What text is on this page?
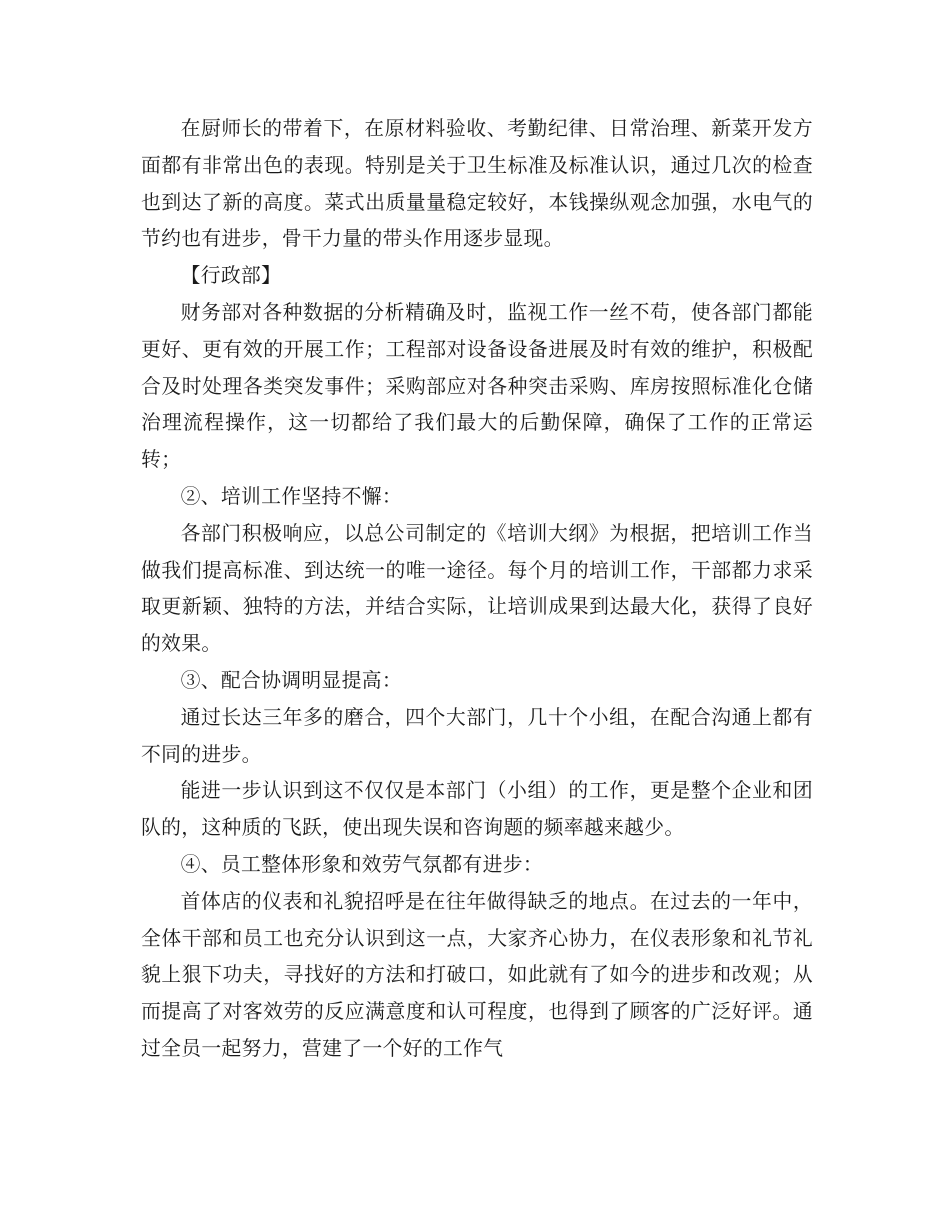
在厨师长的带着下，在原材料验收、考勤纪律、日常治理、新菜开发方面都有非常出色的表现。特别是关于卫生标准及标准认识，通过几次的检查也到达了新的高度。菜式出质量量稳定较好，本钱操纵观念加强，水电气的节约也有进步，骨干力量的带头作用逐步显现。

【行政部】

财务部对各种数据的分析精确及时，监视工作一丝不苟，使各部门都能更好、更有效的开展工作；工程部对设备设备进展及时有效的维护，积极配合及时处理各类突发事件；采购部应对各种突击采购、库房按照标准化仓储治理流程操作，这一切都给了我们最大的后勤保障，确保了工作的正常运转；

②、培训工作坚持不懈：

各部门积极响应，以总公司制定的《培训大纲》为根据，把培训工作当做我们提高标准、到达统一的唯一途径。每个月的培训工作，干部都力求采取更新颖、独特的方法，并结合实际，让培训成果到达最大化，获得了良好的效果。

③、配合协调明显提高：

通过长达三年多的磨合，四个大部门，几十个小组，在配合沟通上都有不同的进步。

能进一步认识到这不仅仅是本部门（小组）的工作，更是整个企业和团队的，这种质的飞跃，使出现失误和咨询题的频率越来越少。

④、员工整体形象和效劳气氛都有进步：

首体店的仪表和礼貌招呼是在往年做得缺乏的地点。在过去的一年中，全体干部和员工也充分认识到这一点，大家齐心协力，在仪表形象和礼节礼貌上狠下功夫，寻找好的方法和打破口，如此就有了如今的进步和改观；从而提高了对客效劳的反应满意度和认可程度，也得到了顾客的广泛好评。通过全员一起努力，营建了一个好的工作气
